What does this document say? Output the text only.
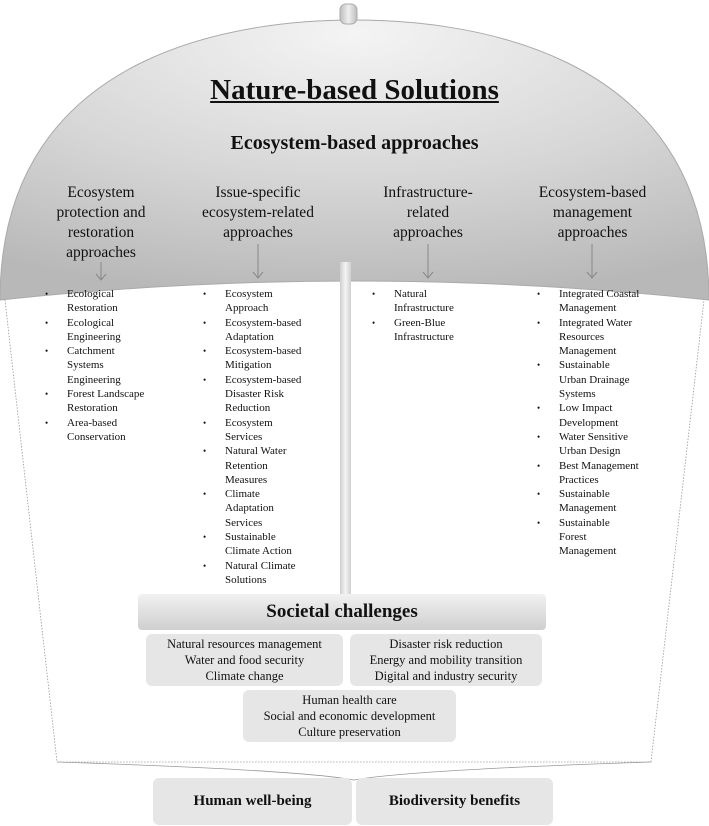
Nature-based Solutions
Ecosystem-based approaches
Ecosystem
protection and
restoration
approaches
Issue-specific
ecosystem-related
approaches
Infrastructure-
related
approaches
Ecosystem-based
management
approaches
• Ecological
Restoration
• Ecological
Engineering
• Catchment
Systems
Engineering
• Forest Landscape
Restoration
• Area-based
Conservation
• Ecosystem
Approach
• Ecosystem-based
Adaptation
• Ecosystem-based
Mitigation
• Ecosystem-based
Disaster Risk
Reduction
• Ecosystem
Services
• Natural Water
Retention
Measures
• Climate
Adaptation
Services
• Sustainable
Climate Action
• Natural Climate
Solutions
• Natural
Infrastructure
• Green-Blue
Infrastructure
• Integrated Coastal
Management
• Integrated Water
Resources
Management
• Sustainable
Urban Drainage
Systems
• Low Impact
Development
• Water Sensitive
Urban Design
• Best Management
Practices
• Sustainable
Management
• Sustainable
Forest
Management
Societal challenges
Natural resources management
Water and food security
Climate change
Disaster risk reduction
Energy and mobility transition
Digital and industry security
Human health care
Social and economic development
Culture preservation
Human well-being	Biodiversity benefits
